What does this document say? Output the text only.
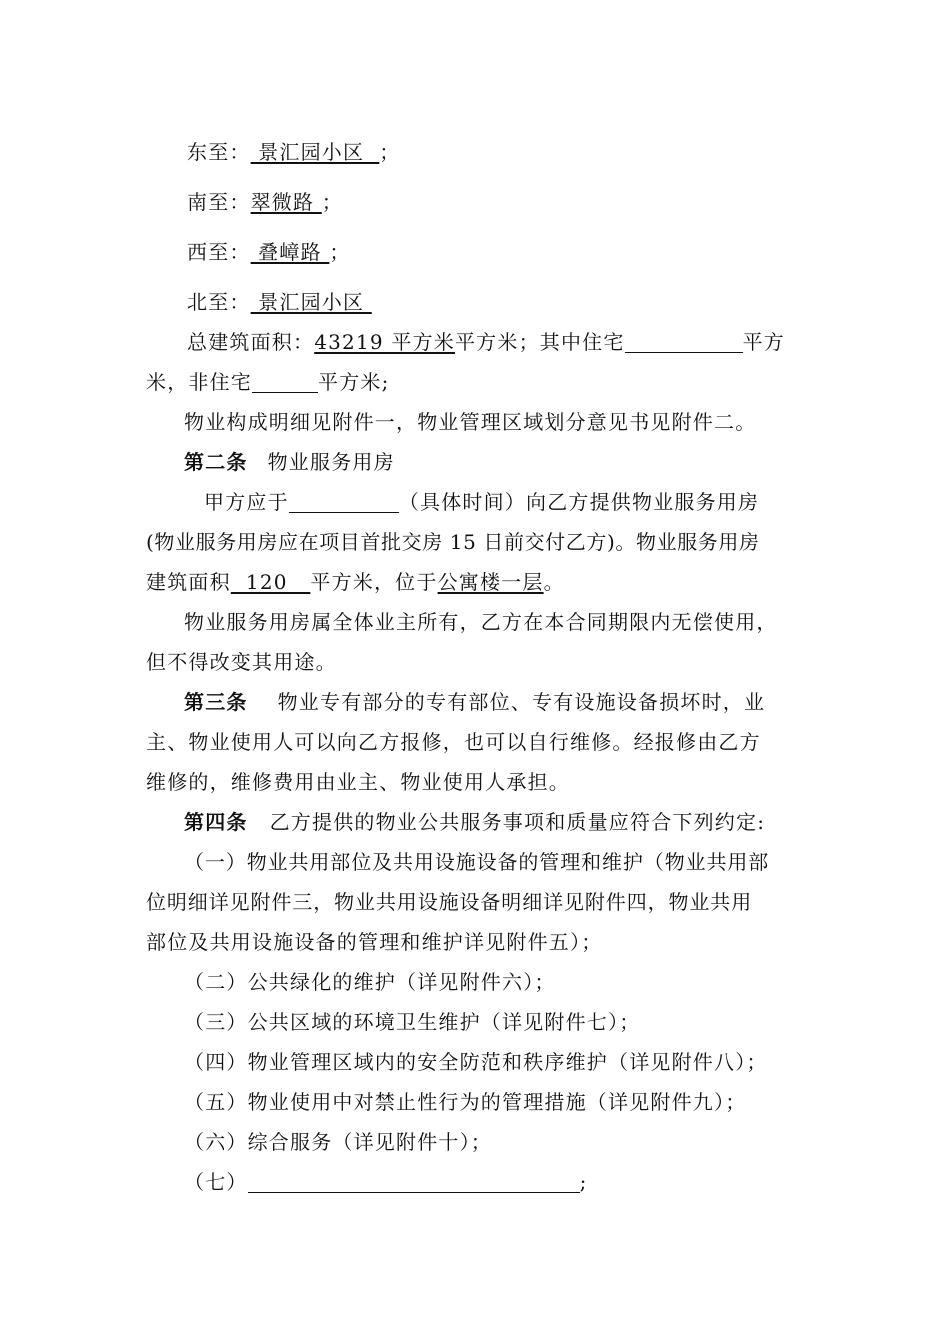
东至： 景汇园小区  ；
南至：翠微路 ；
西至： 叠嶂路 ；
北至： 景汇园小区
总建筑面积：43219 平方米平方米；其中住宅	平方
米，非住宅	平方米;
物业构成明细见附件一，物业管理区域划分意见书见附件二。
第二条 物业服务用房
甲方应于	（具体时间）向乙方提供物业服务用房
(物业服务用房应在项目首批交房 15 日前交付乙方)。物业服务用房
建筑面积  120   平方米，位于公寓楼一层。
物业服务用房属全体业主所有，乙方在本合同期限内无偿使用，
但不得改变其用途。
第三条 物业专有部分的专有部位、专有设施设备损坏时，业
主、物业使用人可以向乙方报修，也可以自行维修。经报修由乙方
维修的，维修费用由业主、物业使用人承担。
第四条 乙方提供的物业公共服务事项和质量应符合下列约定:
（一）物业共用部位及共用设施设备的管理和维护（物业共用部
位明细详见附件三，物业共用设施设备明细详见附件四，物业共用
部位及共用设施设备的管理和维护详见附件五）；
（二）公共绿化的维护（详见附件六）；
（三）公共区域的环境卫生维护（详见附件七）；
（四）物业管理区域内的安全防范和秩序维护（详见附件八）；
（五）物业使用中对禁止性行为的管理措施（详见附件九）；
（六）综合服务（详见附件十）；
（七）	;
